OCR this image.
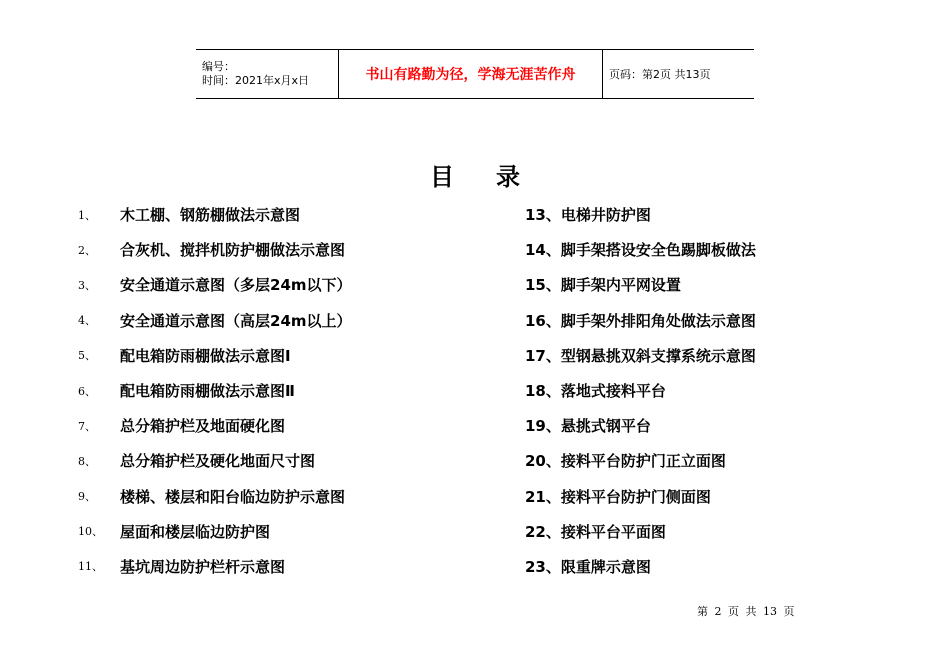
编号：
时间：2021年x月x日	书山有路勤为径，学海无涯苦作舟	页码：第2页 共13页
目录
1、	木工棚、钢筋棚做法示意图
2、	合灰机、搅拌机防护棚做法示意图
3、	安全通道示意图（多层24m以下）
4、	安全通道示意图（高层24m以上）
5、	配电箱防雨棚做法示意图Ⅰ
6、	配电箱防雨棚做法示意图Ⅱ
7、	总分箱护栏及地面硬化图
8、	总分箱护栏及硬化地面尺寸图
9、	楼梯、楼层和阳台临边防护示意图
10、	屋面和楼层临边防护图
11、	基坑周边防护栏杆示意图
13、电梯井防护图
14、脚手架搭设安全色踢脚板做法
15、脚手架内平网设置
16、脚手架外排阳角处做法示意图
17、型钢悬挑双斜支撑系统示意图
18、落地式接料平台
19、悬挑式钢平台
20、接料平台防护门正立面图
21、接料平台防护门侧面图
22、接料平台平面图
23、限重牌示意图
第 2 页 共 13 页
